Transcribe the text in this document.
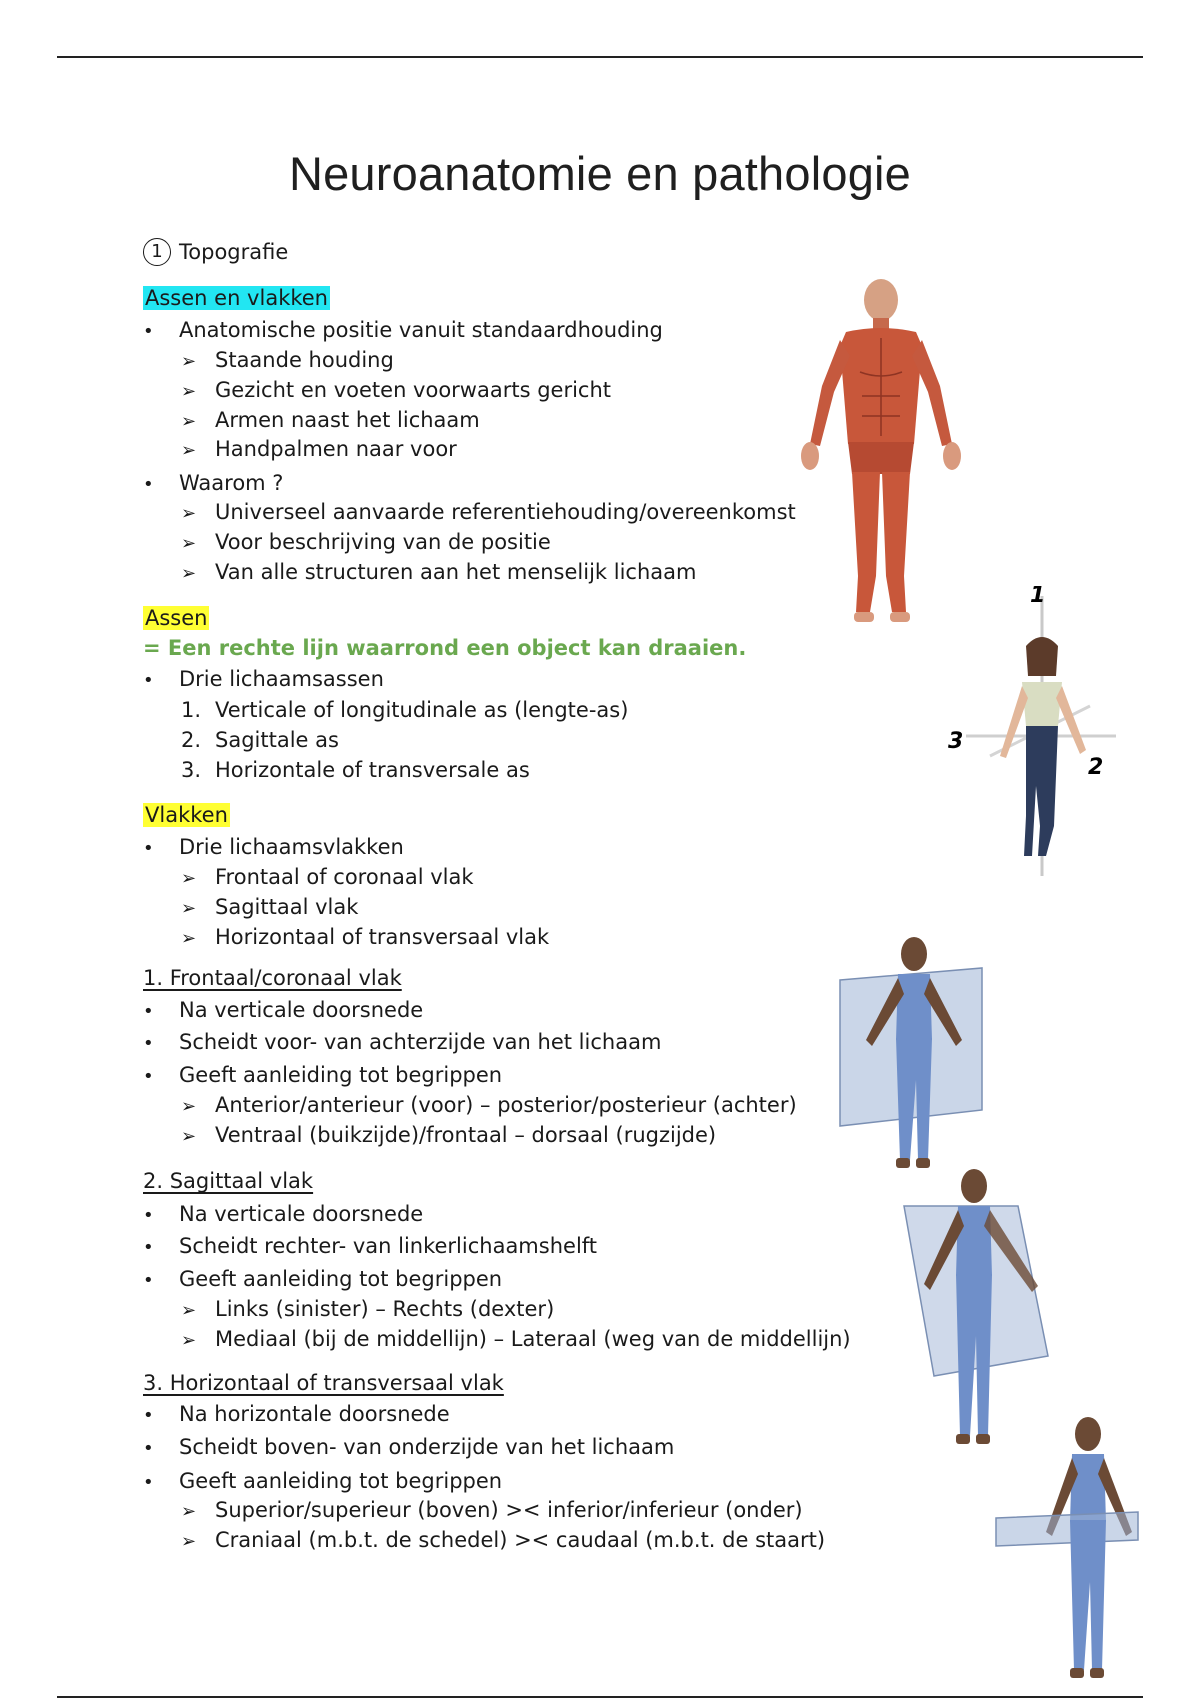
Neuroanatomie en pathologie
1 Topografie
Assen en vlakken
• Anatomische positie vanuit standaardhouding
➢ Staande houding
➢ Gezicht en voeten voorwaarts gericht
➢ Armen naast het lichaam
➢ Handpalmen naar voor
• Waarom ?
➢ Universeel aanvaarde referentiehouding/overeenkomst
➢ Voor beschrijving van de positie
➢ Van alle structuren aan het menselijk lichaam
Assen
= Een rechte lijn waarrond een object kan draaien.
• Drie lichaamsassen
1. Verticale of longitudinale as (lengte-as)
2. Sagittale as
3. Horizontale of transversale as
Vlakken
• Drie lichaamsvlakken
➢ Frontaal of coronaal vlak
➢ Sagittaal vlak
➢ Horizontaal of transversaal vlak
1. Frontaal/coronaal vlak
• Na verticale doorsnede
• Scheidt voor- van achterzijde van het lichaam
• Geeft aanleiding tot begrippen
➢ Anterior/anterieur (voor) – posterior/posterieur (achter)
➢ Ventraal (buikzijde)/frontaal – dorsaal (rugzijde)
2. Sagittaal vlak
• Na verticale doorsnede
• Scheidt rechter- van linkerlichaamshelft
• Geeft aanleiding tot begrippen
➢ Links (sinister) – Rechts (dexter)
➢ Mediaal (bij de middellijn) – Lateraal (weg van de middellijn)
3. Horizontaal of transversaal vlak
• Na horizontale doorsnede
• Scheidt boven- van onderzijde van het lichaam
• Geeft aanleiding tot begrippen
➢ Superior/superieur (boven) >< inferior/inferieur (onder)
➢ Craniaal (m.b.t. de schedel) >< caudaal (m.b.t. de staart)
1
2
3
